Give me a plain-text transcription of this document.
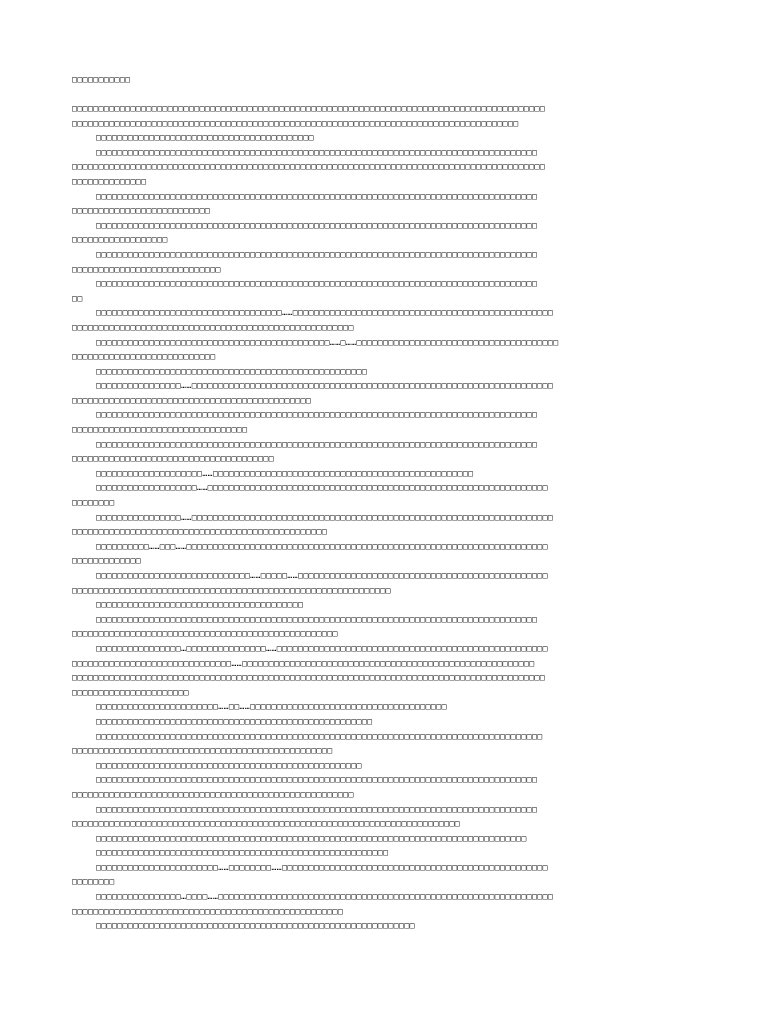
□□□□□□□□□□□
□□□□□□□□□□□□□□□□□□□□□□□□□□□□□□□□□□□□□□□□□□□□□□□□□□□□□□□□□□□□□□□□□□□□□□□□□□□□□□□□□□□□□□□□□
□□□□□□□□□□□□□□□□□□□□□□□□□□□□□□□□□□□□□□□□□□□□□□□□□□□□□□□□□□□□□□□□□□□□□□□□□□□□□□□□□□□□
□□□□□□□□□□□□□□□□□□□□□□□□□□□□□□□□□□□□□□□□□
□□□□□□□□□□□□□□□□□□□□□□□□□□□□□□□□□□□□□□□□□□□□□□□□□□□□□□□□□□□□□□□□□□□□□□□□□□□□□□□□□□□
□□□□□□□□□□□□□□□□□□□□□□□□□□□□□□□□□□□□□□□□□□□□□□□□□□□□□□□□□□□□□□□□□□□□□□□□□□□□□□□□□□□□□□□□□
□□□□□□□□□□□□□□
□□□□□□□□□□□□□□□□□□□□□□□□□□□□□□□□□□□□□□□□□□□□□□□□□□□□□□□□□□□□□□□□□□□□□□□□□□□□□□□□□□□
□□□□□□□□□□□□□□□□□□□□□□□□□□
□□□□□□□□□□□□□□□□□□□□□□□□□□□□□□□□□□□□□□□□□□□□□□□□□□□□□□□□□□□□□□□□□□□□□□□□□□□□□□□□□□□
□□□□□□□□□□□□□□□□□□
□□□□□□□□□□□□□□□□□□□□□□□□□□□□□□□□□□□□□□□□□□□□□□□□□□□□□□□□□□□□□□□□□□□□□□□□□□□□□□□□□□□
□□□□□□□□□□□□□□□□□□□□□□□□□□□□
□□□□□□□□□□□□□□□□□□□□□□□□□□□□□□□□□□□□□□□□□□□□□□□□□□□□□□□□□□□□□□□□□□□□□□□□□□□□□□□□□□□
□□
□□□□□□□□□□□□□□□□□□□□□□□□□□□□□□□□□□□……□□□□□□□□□□□□□□□□□□□□□□□□□□□□□□□□□□□□□□□□□□□□□□□□□
□□□□□□□□□□□□□□□□□□□□□□□□□□□□□□□□□□□□□□□□□□□□□□□□□□□□□
□□□□□□□□□□□□□□□□□□□□□□□□□□□□□□□□□□□□□□□□□□□□……□……□□□□□□□□□□□□□□□□□□□□□□□□□□□□□□□□□□□□□□
□□□□□□□□□□□□□□□□□□□□□□□□□□□
□□□□□□□□□□□□□□□□□□□□□□□□□□□□□□□□□□□□□□□□□□□□□□□□□□□
□□□□□□□□□□□□□□□□……□□□□□□□□□□□□□□□□□□□□□□□□□□□□□□□□□□□□□□□□□□□□□□□□□□□□□□□□□□□□□□□□□□□□
□□□□□□□□□□□□□□□□□□□□□□□□□□□□□□□□□□□□□□□□□□□□□
□□□□□□□□□□□□□□□□□□□□□□□□□□□□□□□□□□□□□□□□□□□□□□□□□□□□□□□□□□□□□□□□□□□□□□□□□□□□□□□□□□□
□□□□□□□□□□□□□□□□□□□□□□□□□□□□□□□□□
□□□□□□□□□□□□□□□□□□□□□□□□□□□□□□□□□□□□□□□□□□□□□□□□□□□□□□□□□□□□□□□□□□□□□□□□□□□□□□□□□□□
□□□□□□□□□□□□□□□□□□□□□□□□□□□□□□□□□□□□□□
□□□□□□□□□□□□□□□□□□□□……□□□□□□□□□□□□□□□□□□□□□□□□□□□□□□□□□□□□□□□□□□□□□□□□□
□□□□□□□□□□□□□□□□□□□……□□□□□□□□□□□□□□□□□□□□□□□□□□□□□□□□□□□□□□□□□□□□□□□□□□□□□□□□□□□□□□□□
□□□□□□□□
□□□□□□□□□□□□□□□□……□□□□□□□□□□□□□□□□□□□□□□□□□□□□□□□□□□□□□□□□□□□□□□□□□□□□□□□□□□□□□□□□□□□□
□□□□□□□□□□□□□□□□□□□□□□□□□□□□□□□□□□□□□□□□□□□□□□□□
□□□□□□□□□□……□□□……□□□□□□□□□□□□□□□□□□□□□□□□□□□□□□□□□□□□□□□□□□□□□□□□□□□□□□□□□□□□□□□□□□□□
□□□□□□□□□□□□□
□□□□□□□□□□□□□□□□□□□□□□□□□□□□□……□□□□□……□□□□□□□□□□□□□□□□□□□□□□□□□□□□□□□□□□□□□□□□□□□□□□□
□□□□□□□□□□□□□□□□□□□□□□□□□□□□□□□□□□□□□□□□□□□□□□□□□□□□□□□□□□□□
□□□□□□□□□□□□□□□□□□□□□□□□□□□□□□□□□□□□□□□
□□□□□□□□□□□□□□□□□□□□□□□□□□□□□□□□□□□□□□□□□□□□□□□□□□□□□□□□□□□□□□□□□□□□□□□□□□□□□□□□□□□
□□□□□□□□□□□□□□□□□□□□□□□□□□□□□□□□□□□□□□□□□□□□□□□□□□
□□□□□□□□□□□□□□□□…□□□□□□□□□□□□□□□……□□□□□□□□□□□□□□□□□□□□□□□□□□□□□□□□□□□□□□□□□□□□□□□□□□□
□□□□□□□□□□□□□□□□□□□□□□□□□□□□□□……□□□□□□□□□□□□□□□□□□□□□□□□□□□□□□□□□□□□□□□□□□□□□□□□□□□□□□□
□□□□□□□□□□□□□□□□□□□□□□□□□□□□□□□□□□□□□□□□□□□□□□□□□□□□□□□□□□□□□□□□□□□□□□□□□□□□□□□□□□□□□□□□□
□□□□□□□□□□□□□□□□□□□□□□
□□□□□□□□□□□□□□□□□□□□□□□……□□……□□□□□□□□□□□□□□□□□□□□□□□□□□□□□□□□□□□□□
□□□□□□□□□□□□□□□□□□□□□□□□□□□□□□□□□□□□□□□□□□□□□□□□□□□□
□□□□□□□□□□□□□□□□□□□□□□□□□□□□□□□□□□□□□□□□□□□□□□□□□□□□□□□□□□□□□□□□□□□□□□□□□□□□□□□□□□□□
□□□□□□□□□□□□□□□□□□□□□□□□□□□□□□□□□□□□□□□□□□□□□□□□□
□□□□□□□□□□□□□□□□□□□□□□□□□□□□□□□□□□□□□□□□□□□□□□□□□□
□□□□□□□□□□□□□□□□□□□□□□□□□□□□□□□□□□□□□□□□□□□□□□□□□□□□□□□□□□□□□□□□□□□□□□□□□□□□□□□□□□□
□□□□□□□□□□□□□□□□□□□□□□□□□□□□□□□□□□□□□□□□□□□□□□□□□□□□□
□□□□□□□□□□□□□□□□□□□□□□□□□□□□□□□□□□□□□□□□□□□□□□□□□□□□□□□□□□□□□□□□□□□□□□□□□□□□□□□□□□□
□□□□□□□□□□□□□□□□□□□□□□□□□□□□□□□□□□□□□□□□□□□□□□□□□□□□□□□□□□□□□□□□□□□□□□□□□
□□□□□□□□□□□□□□□□□□□□□□□□□□□□□□□□□□□□□□□□□□□□□□□□□□□□□□□□□□□□□□□□□□□□□□□□□□□□□□□□□
□□□□□□□□□□□□□□□□□□□□□□□□□□□□□□□□□□□□□□□□□□□□□□□□□□□□□□□
□□□□□□□□□□□□□□□□□□□□□□□……□□□□□□□□……□□□□□□□□□□□□□□□□□□□□□□□□□□□□□□□□□□□□□□□□□□□□□□□□□□
□□□□□□□□
□□□□□□□□□□□□□□□□…□□□□……□□□□□□□□□□□□□□□□□□□□□□□□□□□□□□□□□□□□□□□□□□□□□□□□□□□□□□□□□□□□□□□
□□□□□□□□□□□□□□□□□□□□□□□□□□□□□□□□□□□□□□□□□□□□□□□□□□□
□□□□□□□□□□□□□□□□□□□□□□□□□□□□□□□□□□□□□□□□□□□□□□□□□□□□□□□□□□□□
